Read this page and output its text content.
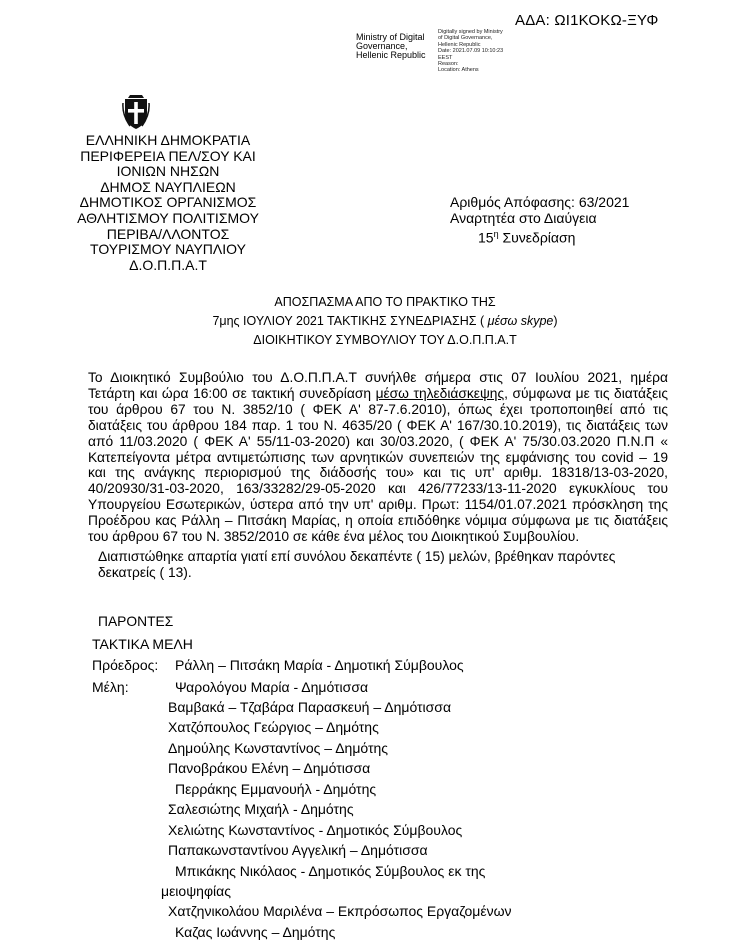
ΑΔΑ: ΩΙ1ΚΟΚΩ-ΞΥΦ
Ministry of Digital
Governance,
Hellenic Republic
Digitally signed by Ministry
of Digital Governance,
Hellenic Republic
Date: 2021.07.09 10:10:23
EEST
Reason:
Location: Athens
ΕΛΛΗΝΙΚΗ ΔΗΜΟΚΡΑΤΙΑ
ΠΕΡΙΦΕΡΕΙΑ ΠΕΛ/ΣΟΥ ΚΑΙ
ΙΟΝΙΩΝ ΝΗΣΩΝ
ΔΗΜΟΣ ΝΑΥΠΛΙΕΩΝ
ΔΗΜΟΤΙΚΟΣ ΟΡΓΑΝΙΣΜΟΣ
ΑΘΛΗΤΙΣΜΟΥ ΠΟΛΙΤΙΣΜΟΥ
ΠΕΡΙΒΑ/ΛΛΟΝΤΟΣ
ΤΟΥΡΙΣΜΟΥ ΝΑΥΠΛΙΟΥ
Δ.Ο.Π.Π.Α.Τ
Αριθμός Απόφασης: 63/2021
Αναρτητέα στο Διαύγεια
$15^\eta$ Συνεδρίαση
ΑΠΟΣΠΑΣΜΑ ΑΠΟ ΤΟ ΠΡΑΚΤΙΚΟ ΤΗΣ
7μης ΙΟΥΛΙΟΥ 2021 ΤΑΚΤΙΚΗΣ ΣΥΝΕΔΡΙΑΣΗΣ ( μέσω skype)
ΔΙΟΙΚΗΤΙΚΟΥ ΣΥΜΒΟΥΛΙΟΥ ΤΟΥ Δ.Ο.Π.Π.Α.Τ

Το Διοικητικό Συμβούλιο του Δ.Ο.Π.Π.Α.Τ συνήλθε σήμερα στις 07 Ιουλίου 2021, ημέρα Τετάρτη και ώρα 16:00 σε τακτική συνεδρίαση μέσω τηλεδιάσκεψης, σύμφωνα με τις διατάξεις του άρθρου 67 του Ν. 3852/10 ( ΦΕΚ Α' 87-7.6.2010), όπως έχει τροποποιηθεί από τις διατάξεις του άρθρου 184 παρ. 1 του Ν. 4635/20 ( ΦΕΚ Α' 167/30.10.2019), τις διατάξεις των από 11/03.2020 ( ΦΕΚ Α' 55/11-03-2020) και 30/03.2020, ( ΦΕΚ Α' 75/30.03.2020 Π.Ν.Π « Κατεπείγοντα μέτρα αντιμετώπισης των αρνητικών συνεπειών της εμφάνισης του covid – 19 και της ανάγκης περιορισμού της διάδοσής του» και τις υπ' αριθμ. 18318/13-03-2020, 40/20930/31-03-2020, 163/33282/29-05-2020 και 426/77233/13-11-2020 εγκυκλίους του Υπουργείου Εσωτερικών, ύστερα από την υπ' αριθμ. Πρωτ: 1154/01.07.2021 πρόσκληση της Προέδρου κας Ράλλη – Πιτσάκη Μαρίας, η οποία επιδόθηκε νόμιμα σύμφωνα με τις διατάξεις του άρθρου 67 του Ν. 3852/2010 σε κάθε ένα μέλος του Διοικητικού Συμβουλίου.

Διαπιστώθηκε απαρτία γιατί επί συνόλου δεκαπέντε ( 15) μελών, βρέθηκαν παρόντες δεκατρείς ( 13).

ΠΑΡΟΝΤΕΣ
ΤΑΚΤΙΚΑ ΜΕΛΗ
Πρόεδρος: Ράλλη – Πιτσάκη Μαρία - Δημοτική Σύμβουλος
Μέλη:	Ψαρολόγου Μαρία - Δημότισσα
Βαμβακά – Τζαβάρα Παρασκευή – Δημότισσα
Χατζόπουλος Γεώργιος – Δημότης
Δημούλης Κωνσταντίνος – Δημότης
Πανοβράκου Ελένη – Δημότισσα
Περράκης Εμμανουήλ - Δημότης
Σαλεσιώτης Μιχαήλ - Δημότης
Χελιώτης Κωνσταντίνος - Δημοτικός Σύμβουλος
Παπακωνσταντίνου Αγγελική – Δημότισσα
Μπικάκης Νικόλαος - Δημοτικός Σύμβουλος εκ της
μειοψηφίας
Χατζηνικολάου Μαριλένα – Εκπρόσωπος Εργαζομένων
Καζας Ιωάννης – Δημότης
